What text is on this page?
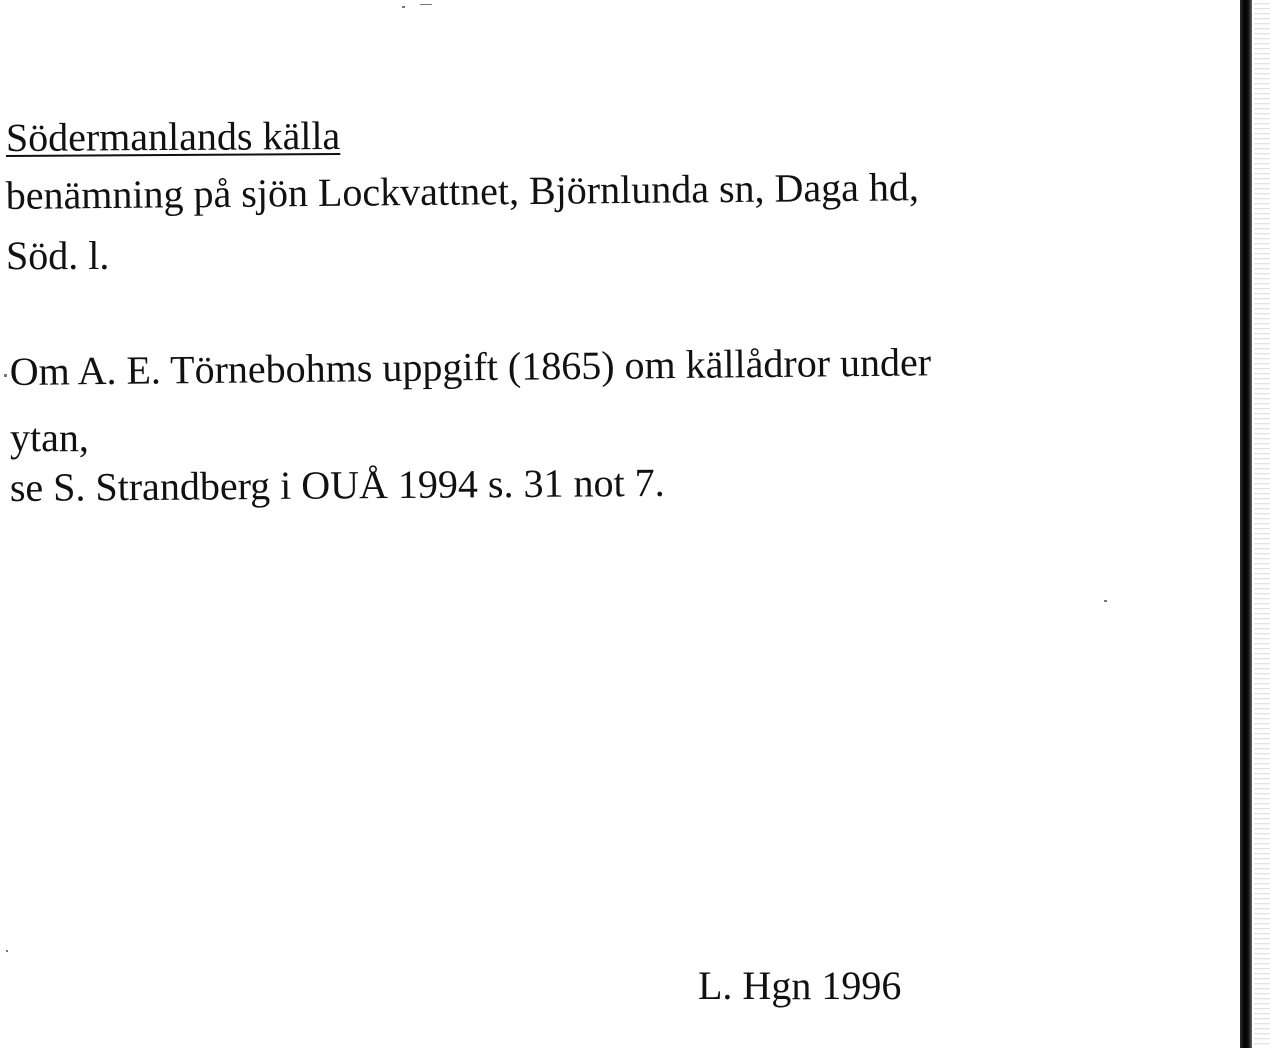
Södermanlands källa
benämning på sjön Lockvattnet, Björnlunda sn, Daga hd,
Söd. l.
Om A. E. Törnebohms uppgift (1865) om källådror under
ytan,
se S. Strandberg i OUÅ 1994 s. 31 not 7.
L. Hgn 1996
